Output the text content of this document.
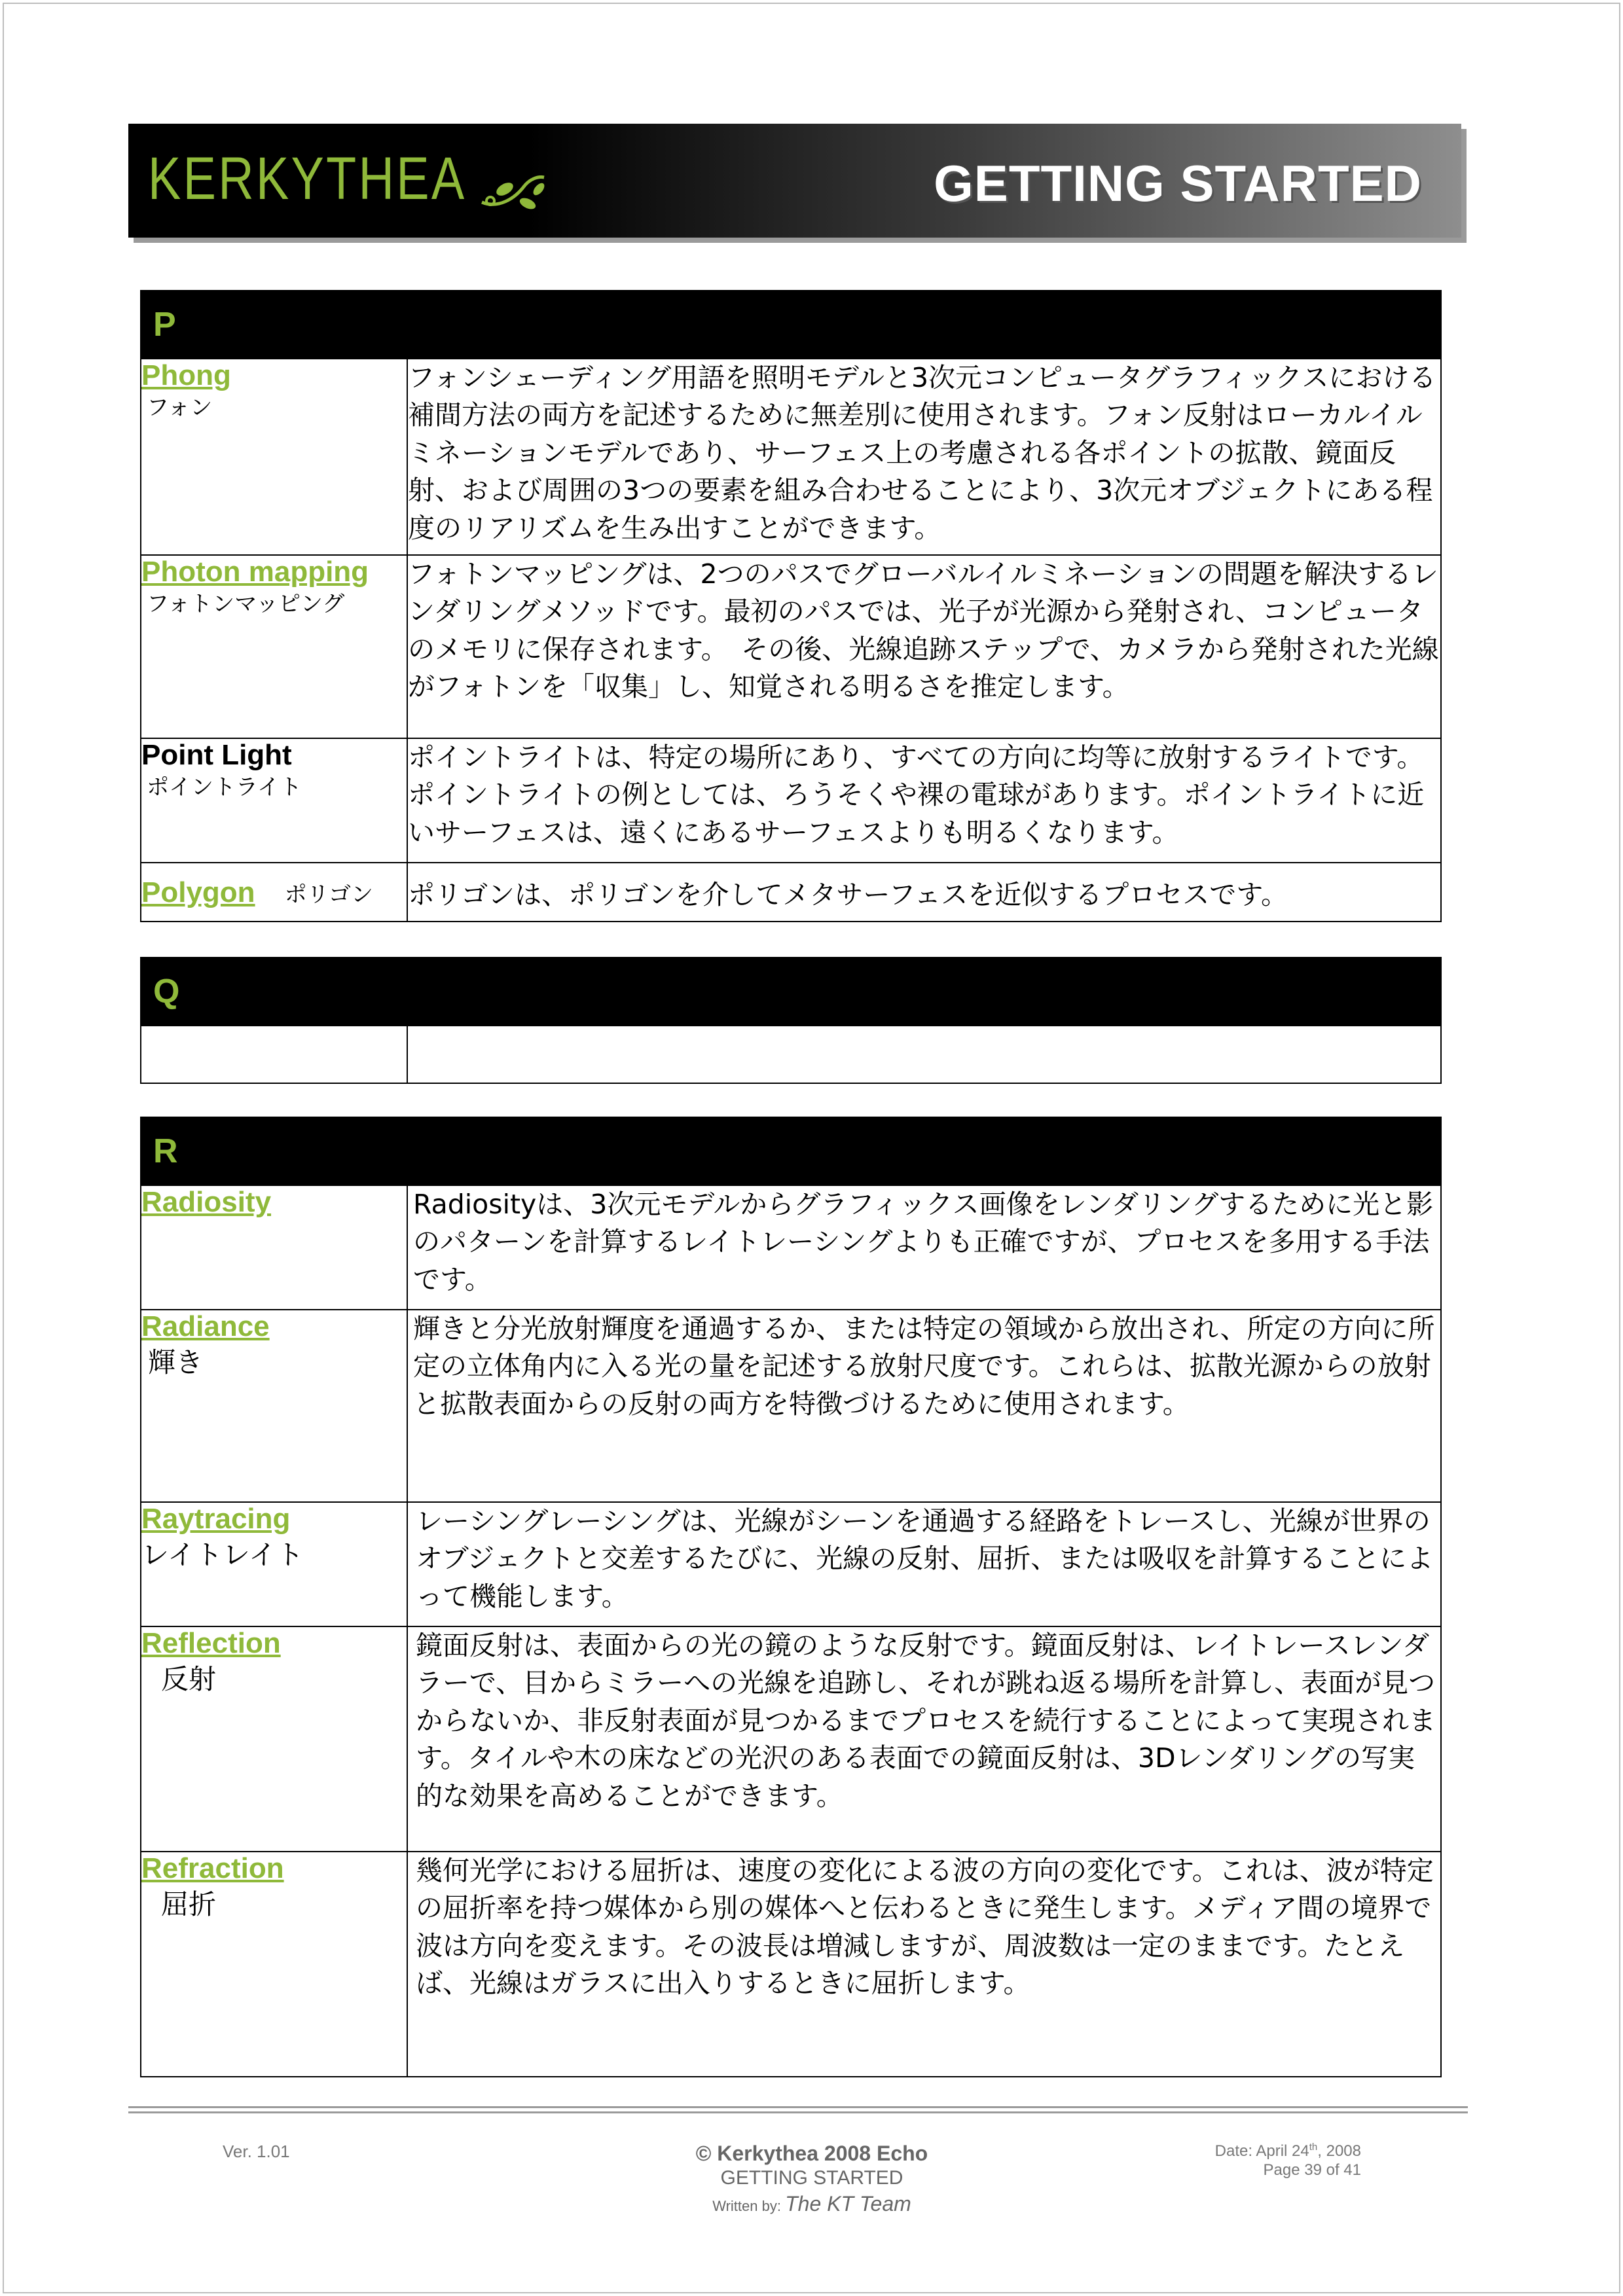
KERKYTHEA	GETTING STARTED
P	

Phong
フォン	フォンシェーディング用語を照明モデルと3次元コンピュータグラフィックスにおける補間方法の両方を記述するために無差別に使用されます。フォン反射はローカルイルミネーションモデルであり、サーフェス上の考慮される各ポイントの拡散、鏡面反射、および周囲の3つの要素を組み合わせることにより、3次元オブジェクトにある程度のリアリズムを生み出すことができます。

Photon mapping
フォトンマッピング	フォトンマッピングは、2つのパスでグローバルイルミネーションの問題を解決するレンダリングメソッドです。最初のパスでは、光子が光源から発射され、コンピュータのメモリに保存されます。　その後、光線追跡ステップで、カメラから発射された光線がフォトンを「収集」し、知覚される明るさを推定します。

Point Light
ポイントライト	ポイントライトは、特定の場所にあり、すべての方向に均等に放射するライトです。ポイントライトの例としては、ろうそくや裸の電球があります。ポイントライトに近いサーフェスは、遠くにあるサーフェスよりも明るくなります。
Polygon ポリゴン	ポリゴンは、ポリゴンを介してメタサーフェスを近似するプロセスです。
Q

R	

Radiosity	Radiosityは、3次元モデルからグラフィックス画像をレンダリングするために光と影のパターンを計算するレイトレーシングよりも正確ですが、プロセスを多用する手法です。

Radiance
輝き	輝きと分光放射輝度を通過するか、または特定の領域から放出され、所定の方向に所定の立体角内に入る光の量を記述する放射尺度です。これらは、拡散光源からの放射と拡散表面からの反射の両方を特徴づけるために使用されます。

Raytracing
レイトレイト	レーシングレーシングは、光線がシーンを通過する経路をトレースし、光線が世界のオブジェクトと交差するたびに、光線の反射、屈折、または吸収を計算することによって機能します。

Reflection
反射	鏡面反射は、表面からの光の鏡のような反射です。鏡面反射は、レイトレースレンダラーで、目からミラーへの光線を追跡し、それが跳ね返る場所を計算し、表面が見つからないか、非反射表面が見つかるまでプロセスを続行することによって実現されます。タイルや木の床などの光沢のある表面での鏡面反射は、3Dレンダリングの写実的な効果を高めることができます。

Refraction
屈折	幾何光学における屈折は、速度の変化による波の方向の変化です。これは、波が特定の屈折率を持つ媒体から別の媒体へと伝わるときに発生します。メディア間の境界で波は方向を変えます。その波長は増減しますが、周波数は一定のままです。たとえば、光線はガラスに出入りするときに屈折します。
Ver. 1.01	© Kerkythea 2008 Echo
GETTING STARTED
Written by: The KT Team
Date: April 24th, 2008
Page 39 of 41
